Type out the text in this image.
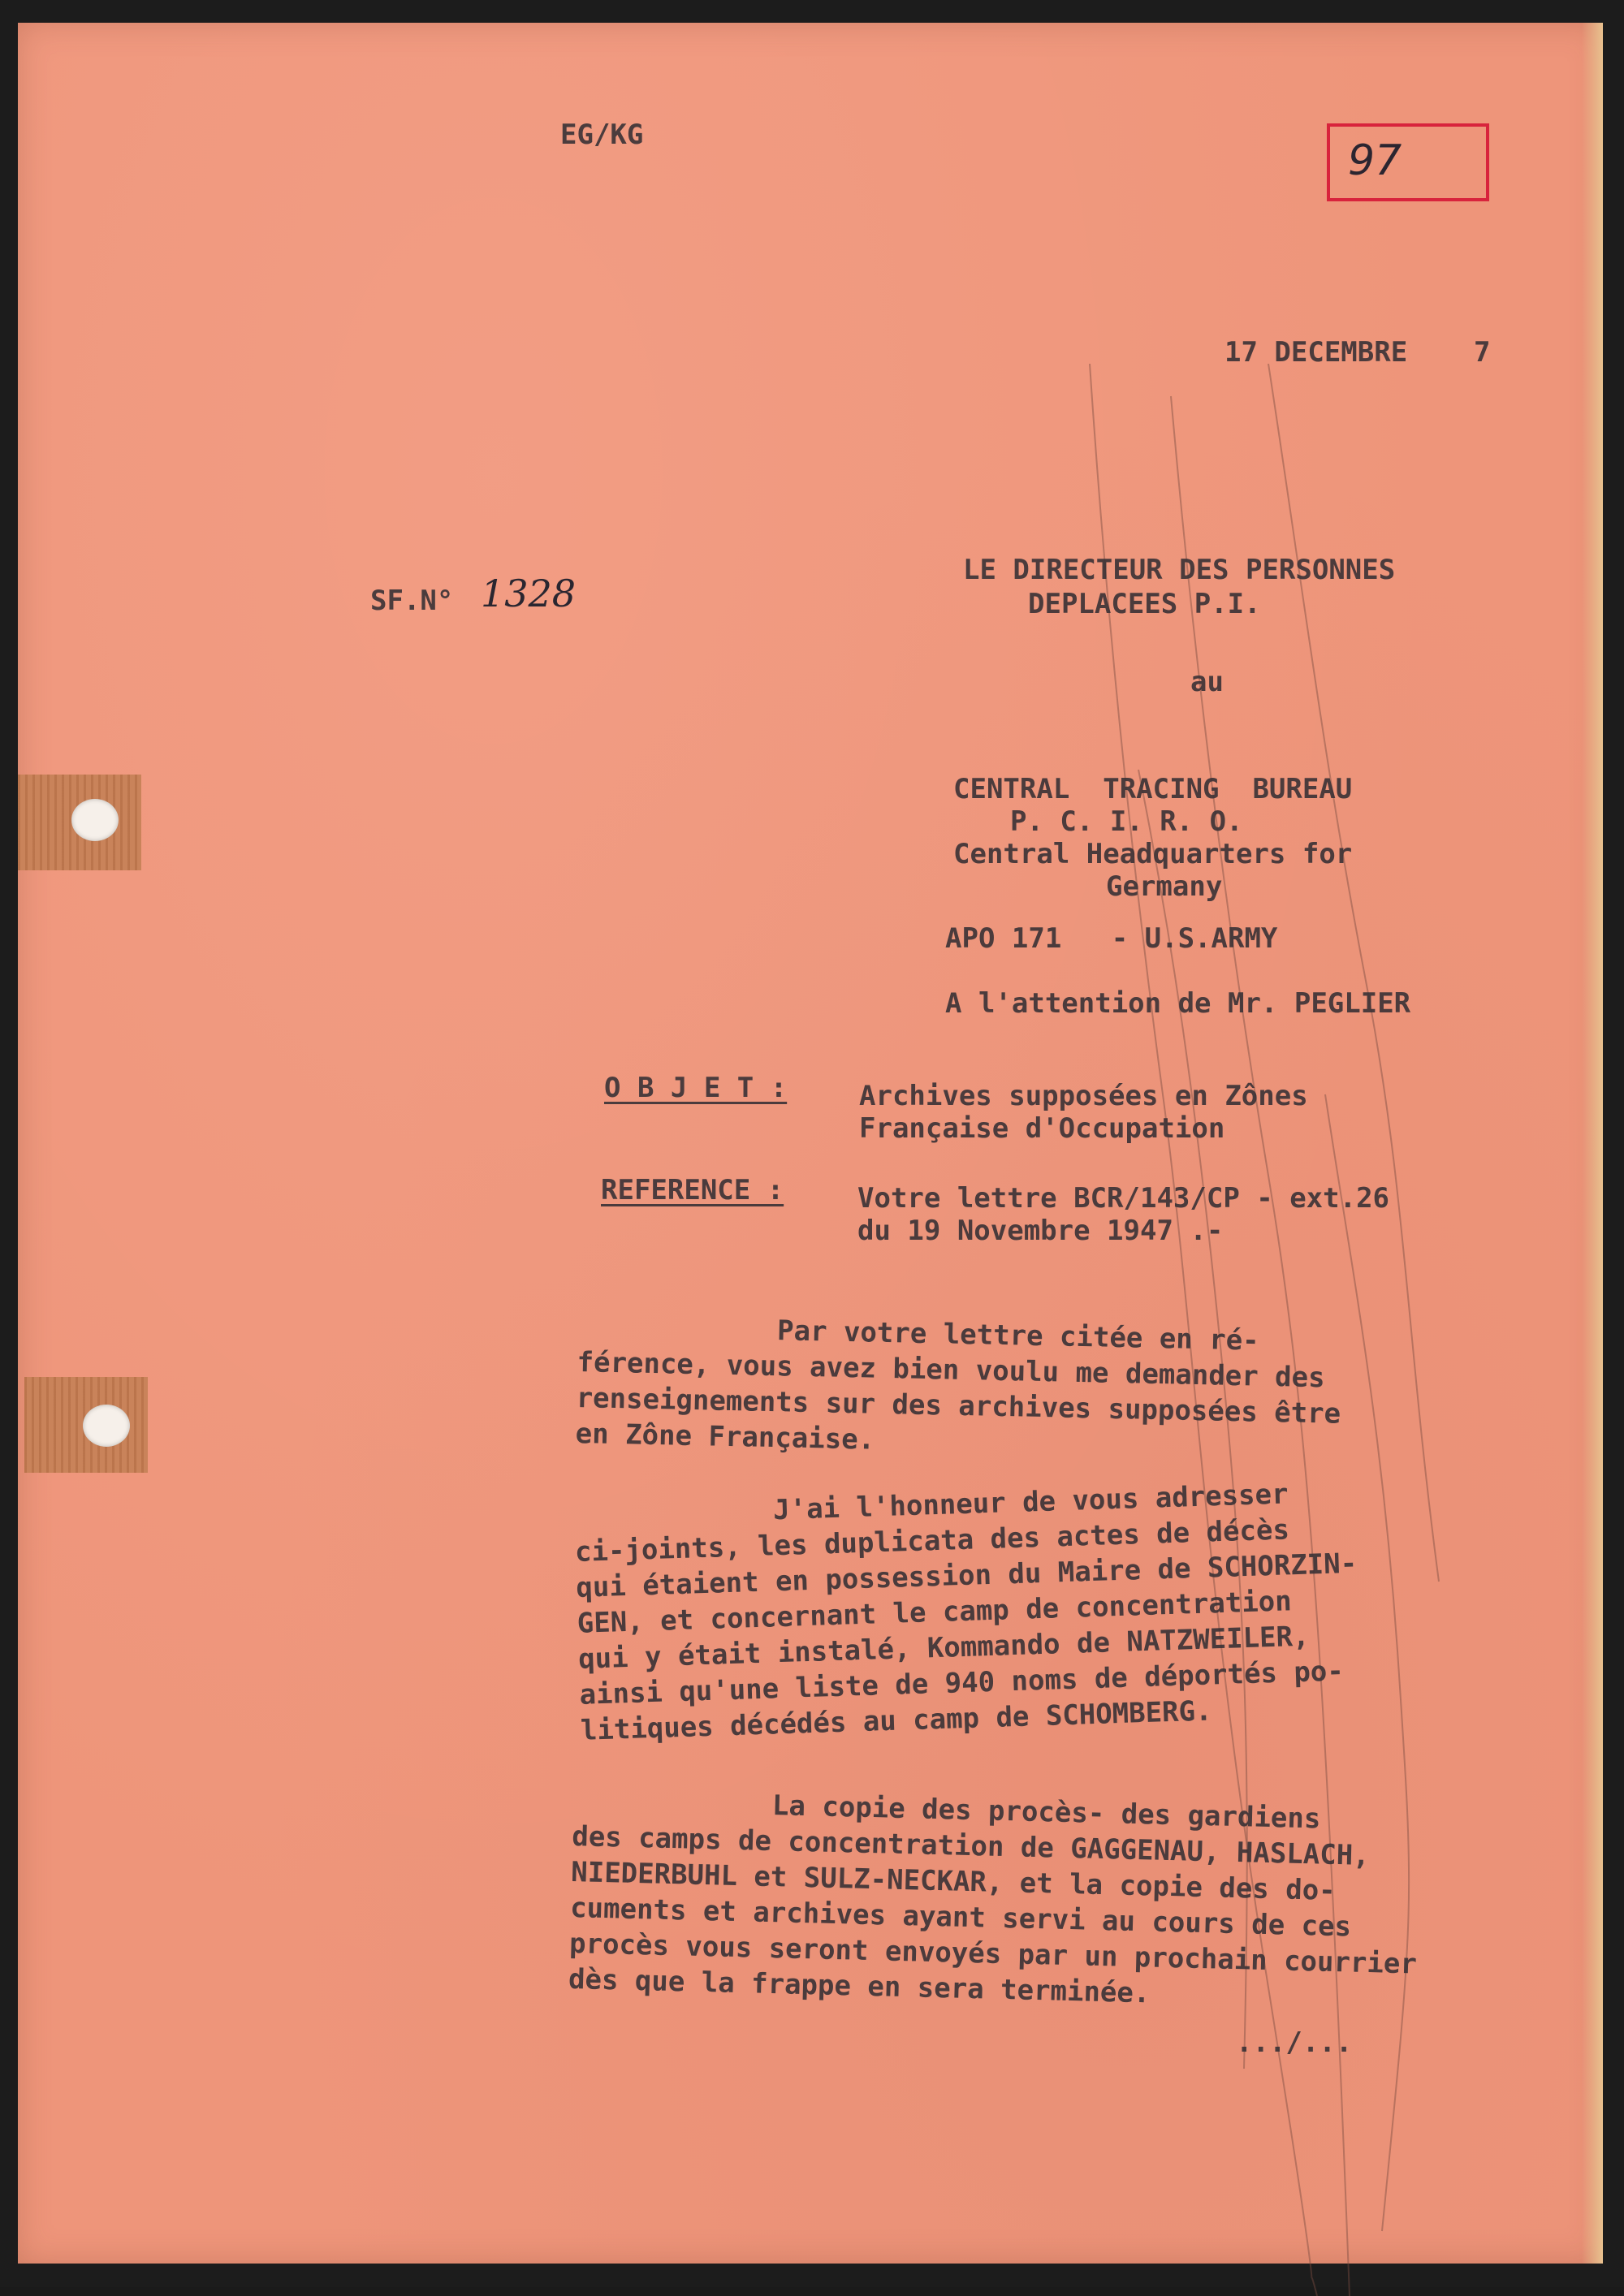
EG/KG
97
17 DECEMBRE    7
SF.N° 1328
LE DIRECTEUR DES PERSONNES
DEPLACEES P.I.
au
CENTRAL  TRACING  BUREAU
P. C. I. R. O.
Central Headquarters for
Germany
APO 171   - U.S.ARMY
A l'attention de Mr. PEGLIER
O B J E T :	Archives supposées en Zônes
Française d'Occupation
REFERENCE :	Votre lettre BCR/143/CP - ext.26
du 19 Novembre 1947 .-
Par votre lettre citée en ré-
férence, vous avez bien voulu me demander des
renseignements sur des archives supposées être
en Zône Française.
J'ai l'honneur de vous adresser
ci-joints, les duplicata des actes de décès
qui étaient en possession du Maire de SCHORZIN-
GEN, et concernant le camp de concentration
qui y était instalé, Kommando de NATZWEILER,
ainsi qu'une liste de 940 noms de déportés po-
litiques décédés au camp de SCHOMBERG.
La copie des procès- des gardiens
des camps de concentration de GAGGENAU, HASLACH,
NIEDERBUHL et SULZ-NECKAR, et la copie des do-
cuments et archives ayant servi au cours de ces
procès vous seront envoyés par un prochain courrier
dès que la frappe en sera terminée.
.../...
